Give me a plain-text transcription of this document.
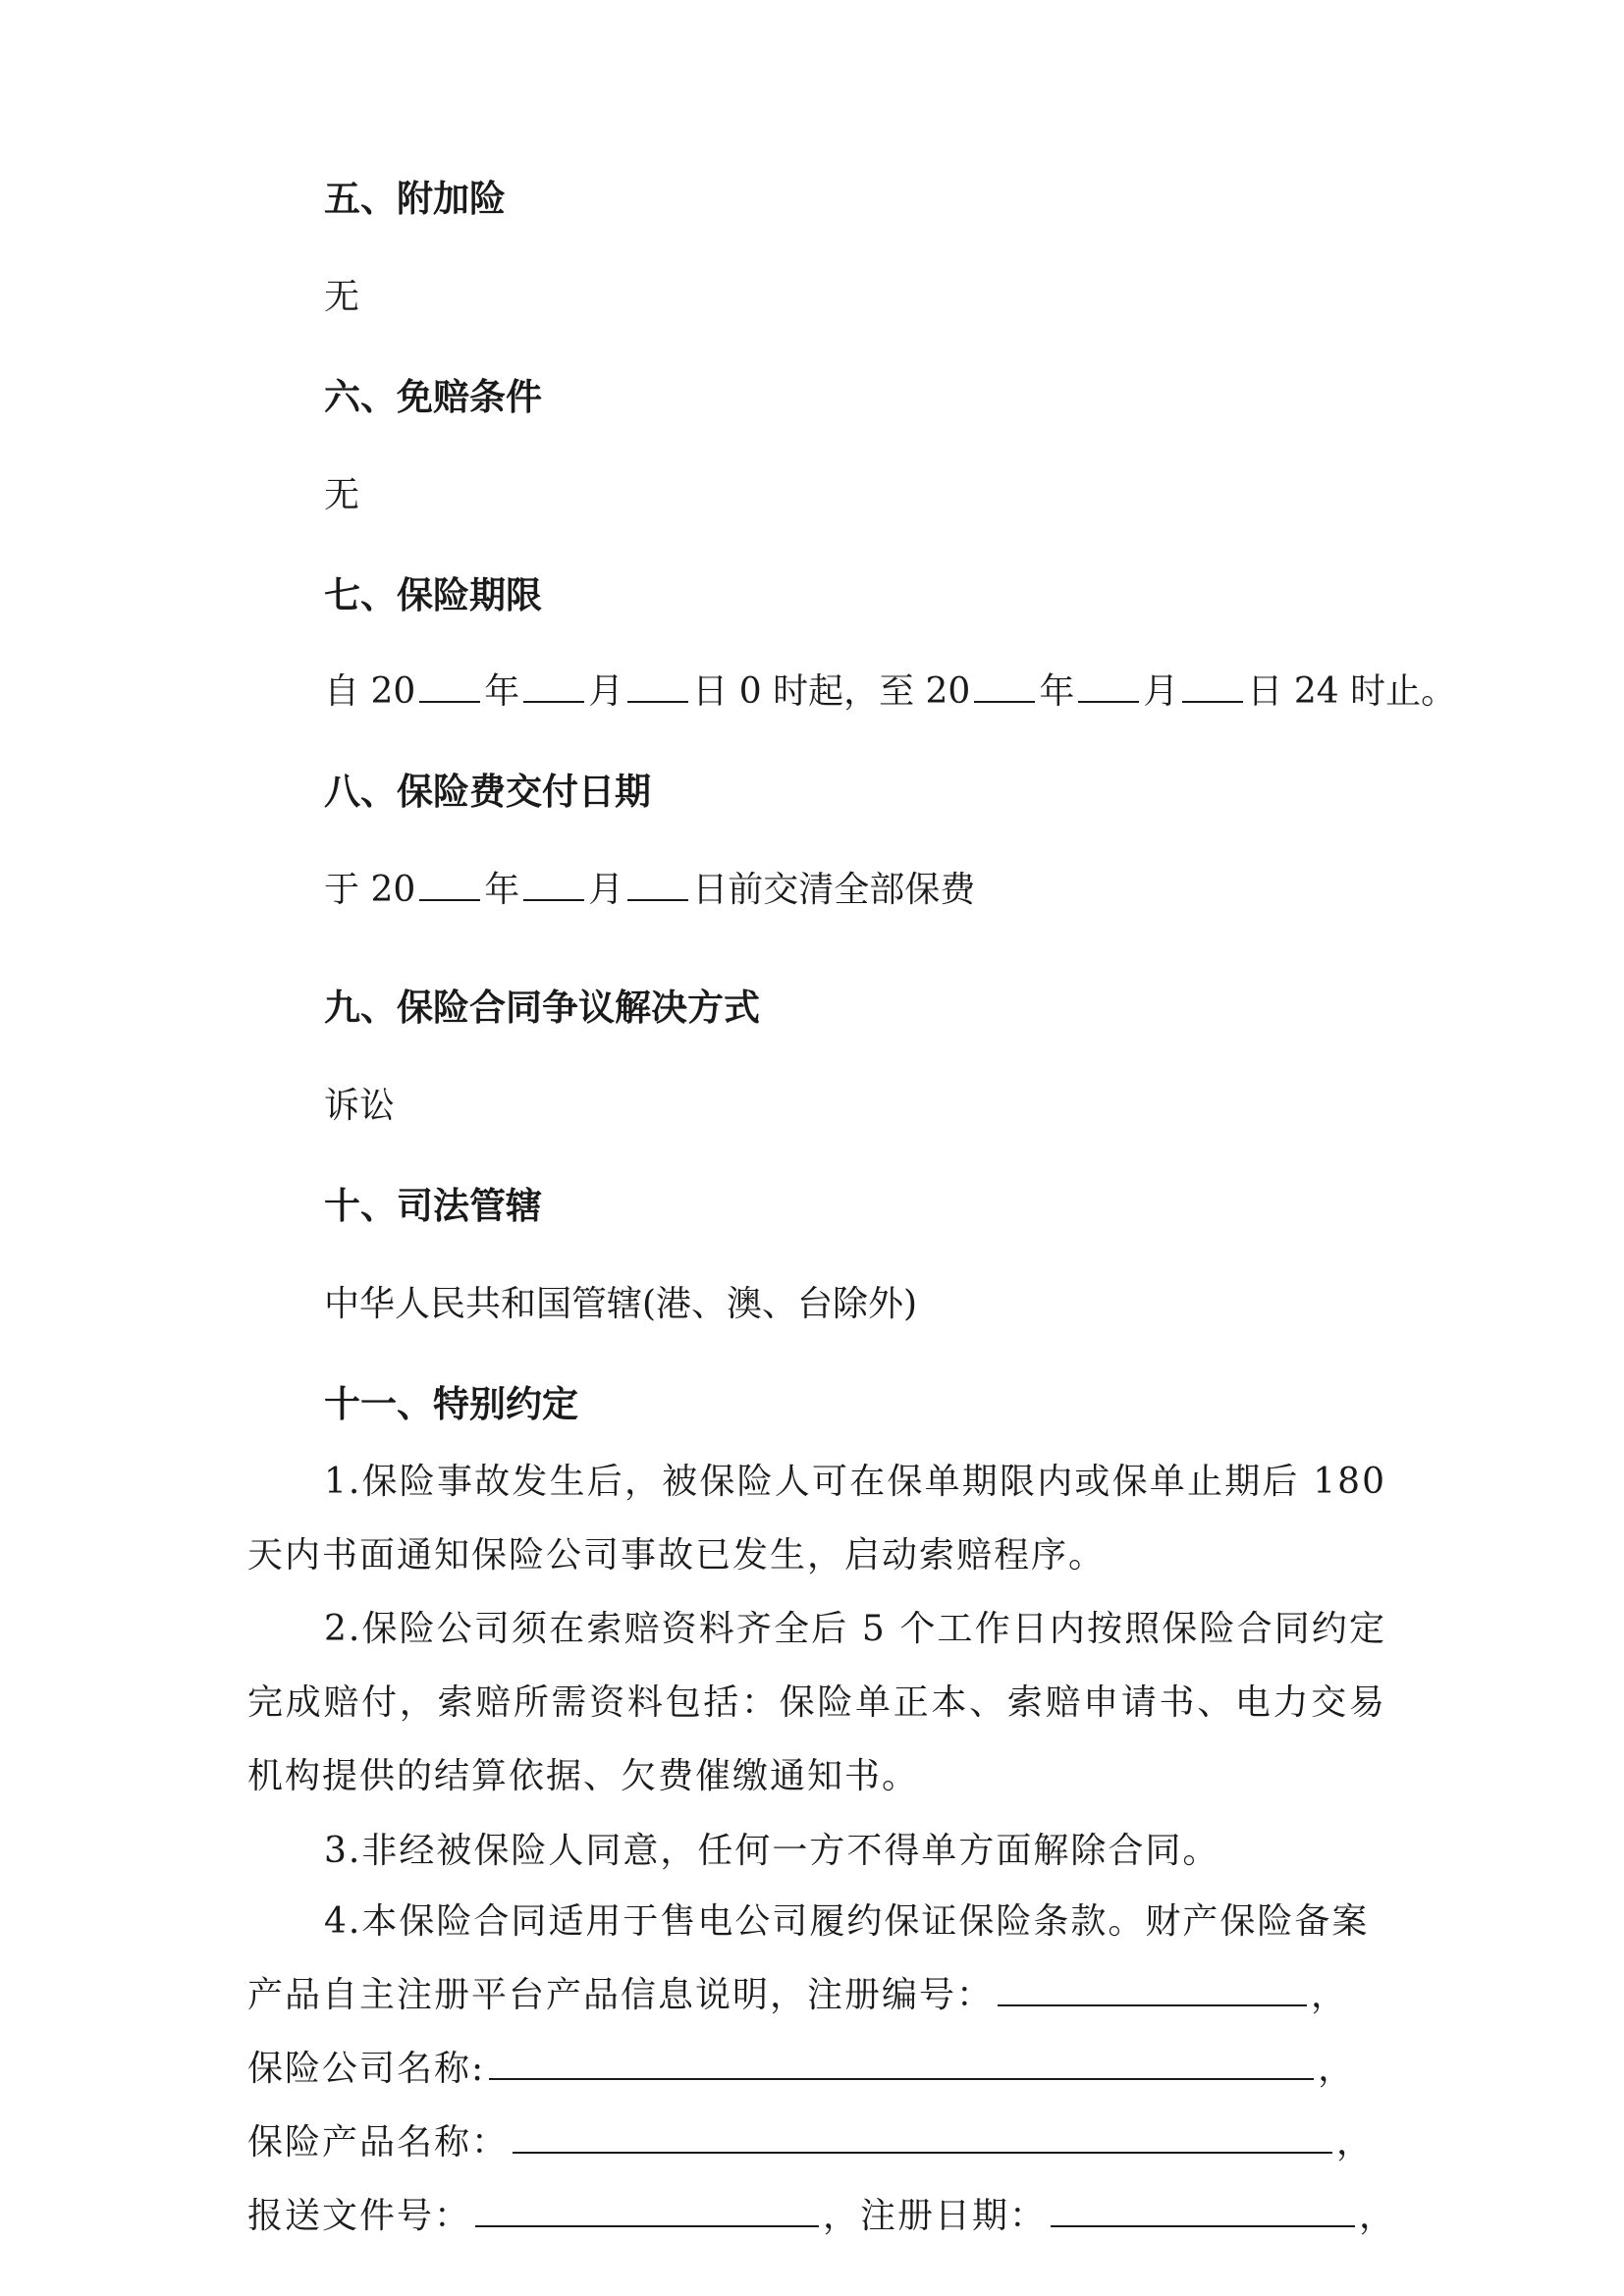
五、附加险
无
六、免赔条件
无
七、保险期限
自 20 年 月 日 0 时起，至 20 年 月 日 24 时止。
八、保险费交付日期
于 20 年 月 日前交清全部保费
九、保险合同争议解决方式
诉讼
十、司法管辖
中华人民共和国管辖(港、澳、台除外)
十一、特别约定
1.保险事故发生后，被保险人可在保单期限内或保单止期后 180 天内书面通知保险公司事故已发生，启动索赔程序。
2.保险公司须在索赔资料齐全后 5 个工作日内按照保险合同约定完成赔付，索赔所需资料包括：保险单正本、索赔申请书、电力交易机构提供的结算依据、欠费催缴通知书。
3.非经被保险人同意，任何一方不得单方面解除合同。
4.本保险合同适用于售电公司履约保证保险条款。财产保险备案
产品自主注册平台产品信息说明，注册编号：	，
保险公司名称:	，
保险产品名称：	，
报送文件号：	，注册日期：	，
